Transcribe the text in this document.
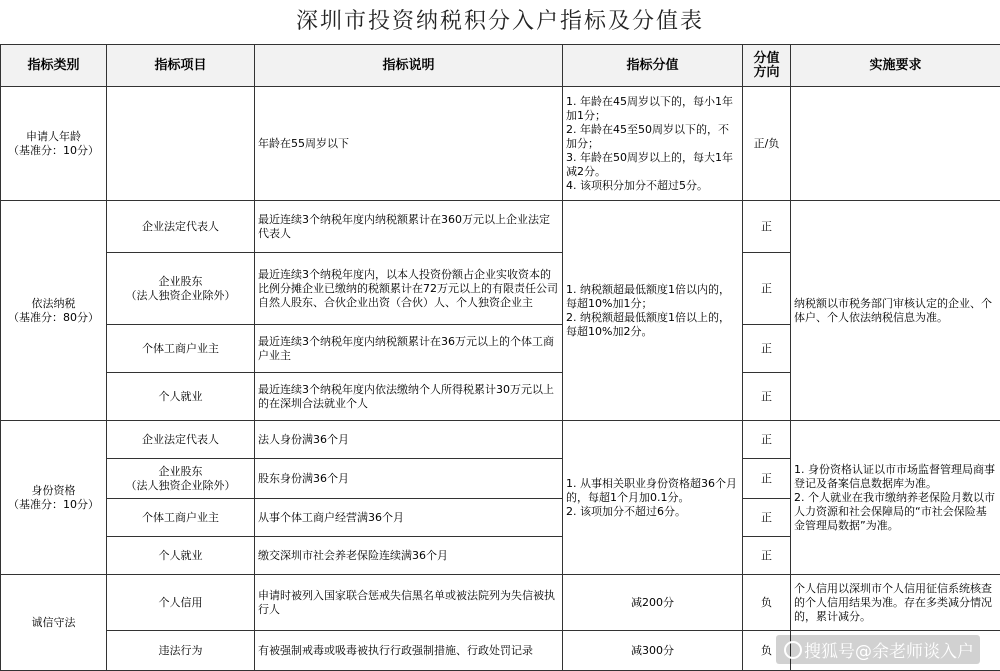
深圳市投资纳税积分入户指标及分值表
指标类别	指标项目	指标说明	指标分值	分值
方向	实施要求
申请人年龄
（基准分：10分）		年龄在55周岁以下	1. 年龄在45周岁以下的，每小1年加1分；
2. 年龄在45至50周岁以下的，不加分；
3. 年龄在50周岁以上的，每大1年减2分。
4. 该项积分加分不超过5分。	正/负	
依法纳税
（基准分：80分）	企业法定代表人	最近连续3个纳税年度内纳税额累计在360万元以上企业法定代表人	1. 纳税额超最低额度1倍以内的，每超10%加1分；
2. 纳税额超最低额度1倍以上的，每超10%加2分。	正	纳税额以市税务部门审核认定的企业、个体户、个人依法纳税信息为准。
	企业股东
（法人独资企业除外）	最近连续3个纳税年度内，以本人投资份额占企业实收资本的比例分摊企业已缴纳的税额累计在72万元以上的有限责任公司自然人股东、合伙企业出资（合伙）人、个人独资企业主		正	
	个体工商户业主	最近连续3个纳税年度内纳税额累计在36万元以上的个体工商户业主		正	
	个人就业	最近连续3个纳税年度内依法缴纳个人所得税累计30万元以上的在深圳合法就业个人		正	
身份资格
（基准分：10分）	企业法定代表人	法人身份满36个月	1. 从事相关职业身份资格超36个月的，每超1个月加0.1分。
2. 该项加分不超过6分。	正	1. 身份资格认证以市市场监督管理局商事登记及备案信息数据库为准。
2. 个人就业在我市缴纳养老保险月数以市人力资源和社会保障局的“市社会保险基金管理局数据”为准。
	企业股东
（法人独资企业除外）	股东身份满36个月		正	
	个体工商户业主	从事个体工商户经营满36个月		正	
	个人就业	缴交深圳市社会养老保险连续满36个月		正	
诚信守法	个人信用	申请时被列入国家联合惩戒失信黑名单或被法院列为失信被执行人	减200分	负	个人信用以深圳市个人信用征信系统核查的个人信用结果为准。存在多类减分情况的，累计减分。
	违法行为	有被强制戒毒或吸毒被执行行政强制措施、行政处罚记录	减300分	负		搜狐号@余老师谈入户
